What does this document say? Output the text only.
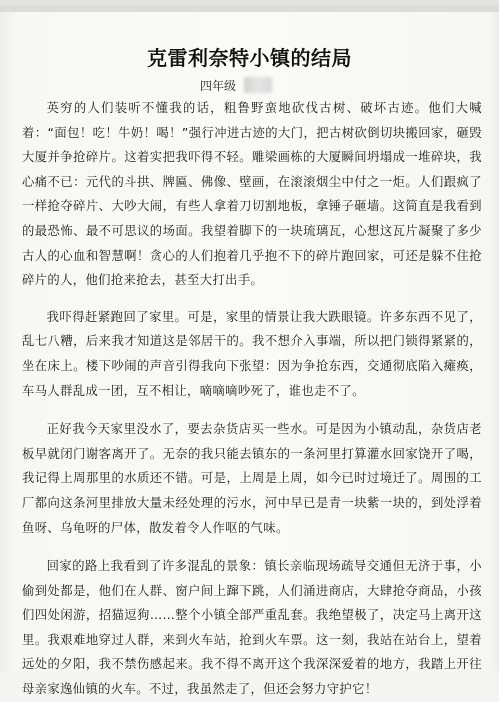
克雷利奈特小镇的结局
四年级

英穷的人们装听不懂我的话，粗鲁野蛮地砍伐古树、破坏古迹。他们大喊着：“面包！吃！牛奶！喝！”强行冲进古迹的大门，把古树砍倒切块搬回家，砸毁大厦并争抢碎片。这着实把我吓得不轻。雕梁画栋的大厦瞬间坍塌成一堆碎块，我心痛不已：元代的斗拱、牌匾、佛像、壁画，在滚滚烟尘中付之一炬。人们跟疯了一样抢夺碎片、大吵大闹，有些人拿着刀切割地板，拿锤子砸墙。这简直是我看到的最恐怖、最不可思议的场面。我望着脚下的一块琉璃瓦，心想这瓦片凝聚了多少古人的心血和智慧啊！贪心的人们抱着几乎抱不下的碎片跑回家，可还是躲不住抢碎片的人，他们抢来抢去，甚至大打出手。

我吓得赶紧跑回了家里。可是，家里的情景让我大跌眼镜。许多东西不见了，乱七八糟，后来我才知道这是邻居干的。我不想介入事端，所以把门锁得紧紧的，坐在床上。楼下吵闹的声音引得我向下张望：因为争抢东西，交通彻底陷入瘫痪，车马人群乱成一团，互不相让，嘀嘀嘀吵死了，谁也走不了。

正好我今天家里没水了，要去杂货店买一些水。可是因为小镇动乱，杂货店老板早就闭门谢客离开了。无奈的我只能去镇东的一条河里打算灌水回家饶开了喝，我记得上周那里的水质还不错。可是，上周是上周，如今已时过境迁了。周围的工厂都向这条河里排放大量未经处理的污水，河中早已是青一块紫一块的，到处浮着鱼呀、乌龟呀的尸体，散发着令人作呕的气味。

回家的路上我看到了许多混乱的景象：镇长亲临现场疏导交通但无济于事，小偷到处都是，他们在人群、窗户间上蹿下跳，人们涌进商店，大肆抢夺商品，小孩们四处闲游，招猫逗狗……整个小镇全部严重乱套。我绝望极了，决定马上离开这里。我艰难地穿过人群，来到火车站，抢到火车票。这一刻，我站在站台上，望着远处的夕阳，我不禁伤感起来。我不得不离开这个我深深爱着的地方，我踏上开往母亲家逸仙镇的火车。不过，我虽然走了，但还会努力守护它！
